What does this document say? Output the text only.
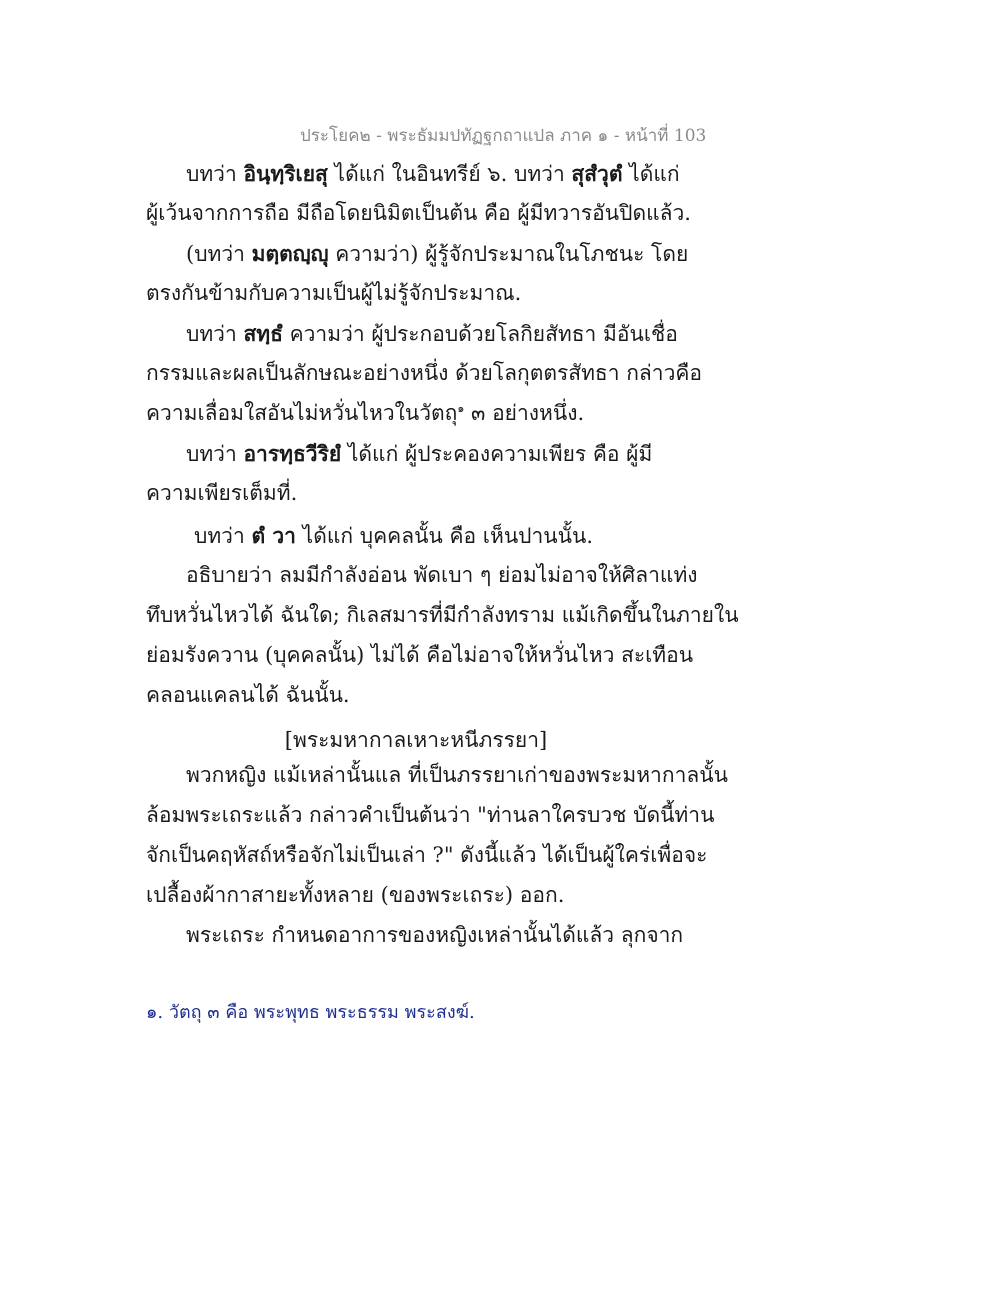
ประโยค๒ - พระธัมมปทัฏฐกถาแปล ภาค ๑ - หน้าที่ 103
บทว่า อินฺทฺริเยสุ ได้แก่ ในอินทรีย์ ๖. บทว่า สุสํวุตํ ได้แก่
ผู้เว้นจากการถือ มีถือโดยนิมิตเป็นต้น คือ ผู้มีทวารอันปิดแล้ว.
(บทว่า มตฺตญฺญุ ความว่า) ผู้รู้จักประมาณในโภชนะ โดย
ตรงกันข้ามกับความเป็นผู้ไม่รู้จักประมาณ.
บทว่า สทฺธํ ความว่า ผู้ประกอบด้วยโลกิยสัทธา มีอันเชื่อ
กรรมและผลเป็นลักษณะอย่างหนึ่ง ด้วยโลกุตตรสัทธา กล่าวคือ
ความเลื่อมใสอันไม่หวั่นไหวในวัตถุ$^๑$ ๓ อย่างหนึ่ง.
บทว่า อารทฺธวีริยํ ได้แก่ ผู้ประคองความเพียร คือ ผู้มี
ความเพียรเต็มที่.
บทว่า ตํ วา ได้แก่ บุคคลนั้น คือ เห็นปานนั้น.
อธิบายว่า ลมมีกำลังอ่อน พัดเบา ๆ ย่อมไม่อาจให้ศิลาแท่ง
ทึบหวั่นไหวได้ ฉันใด; กิเลสมารที่มีกำลังทราม แม้เกิดขึ้นในภายใน
ย่อมรังควาน (บุคคลนั้น) ไม่ได้ คือไม่อาจให้หวั่นไหว สะเทือน
คลอนแคลนได้ ฉันนั้น.
[พระมหากาลเหาะหนีภรรยา]
พวกหญิง แม้เหล่านั้นแล ที่เป็นภรรยาเก่าของพระมหากาลนั้น
ล้อมพระเถระแล้ว กล่าวคำเป็นต้นว่า "ท่านลาใครบวช บัดนี้ท่าน
จักเป็นคฤหัสถ์หรือจักไม่เป็นเล่า ?" ดังนี้แล้ว ได้เป็นผู้ใคร่เพื่อจะ
เปลื้องผ้ากาสายะทั้งหลาย (ของพระเถระ) ออก.
พระเถระ กำหนดอาการของหญิงเหล่านั้นได้แล้ว ลุกจาก
๑. วัตถุ ๓ คือ พระพุทธ พระธรรม พระสงฆ์.
